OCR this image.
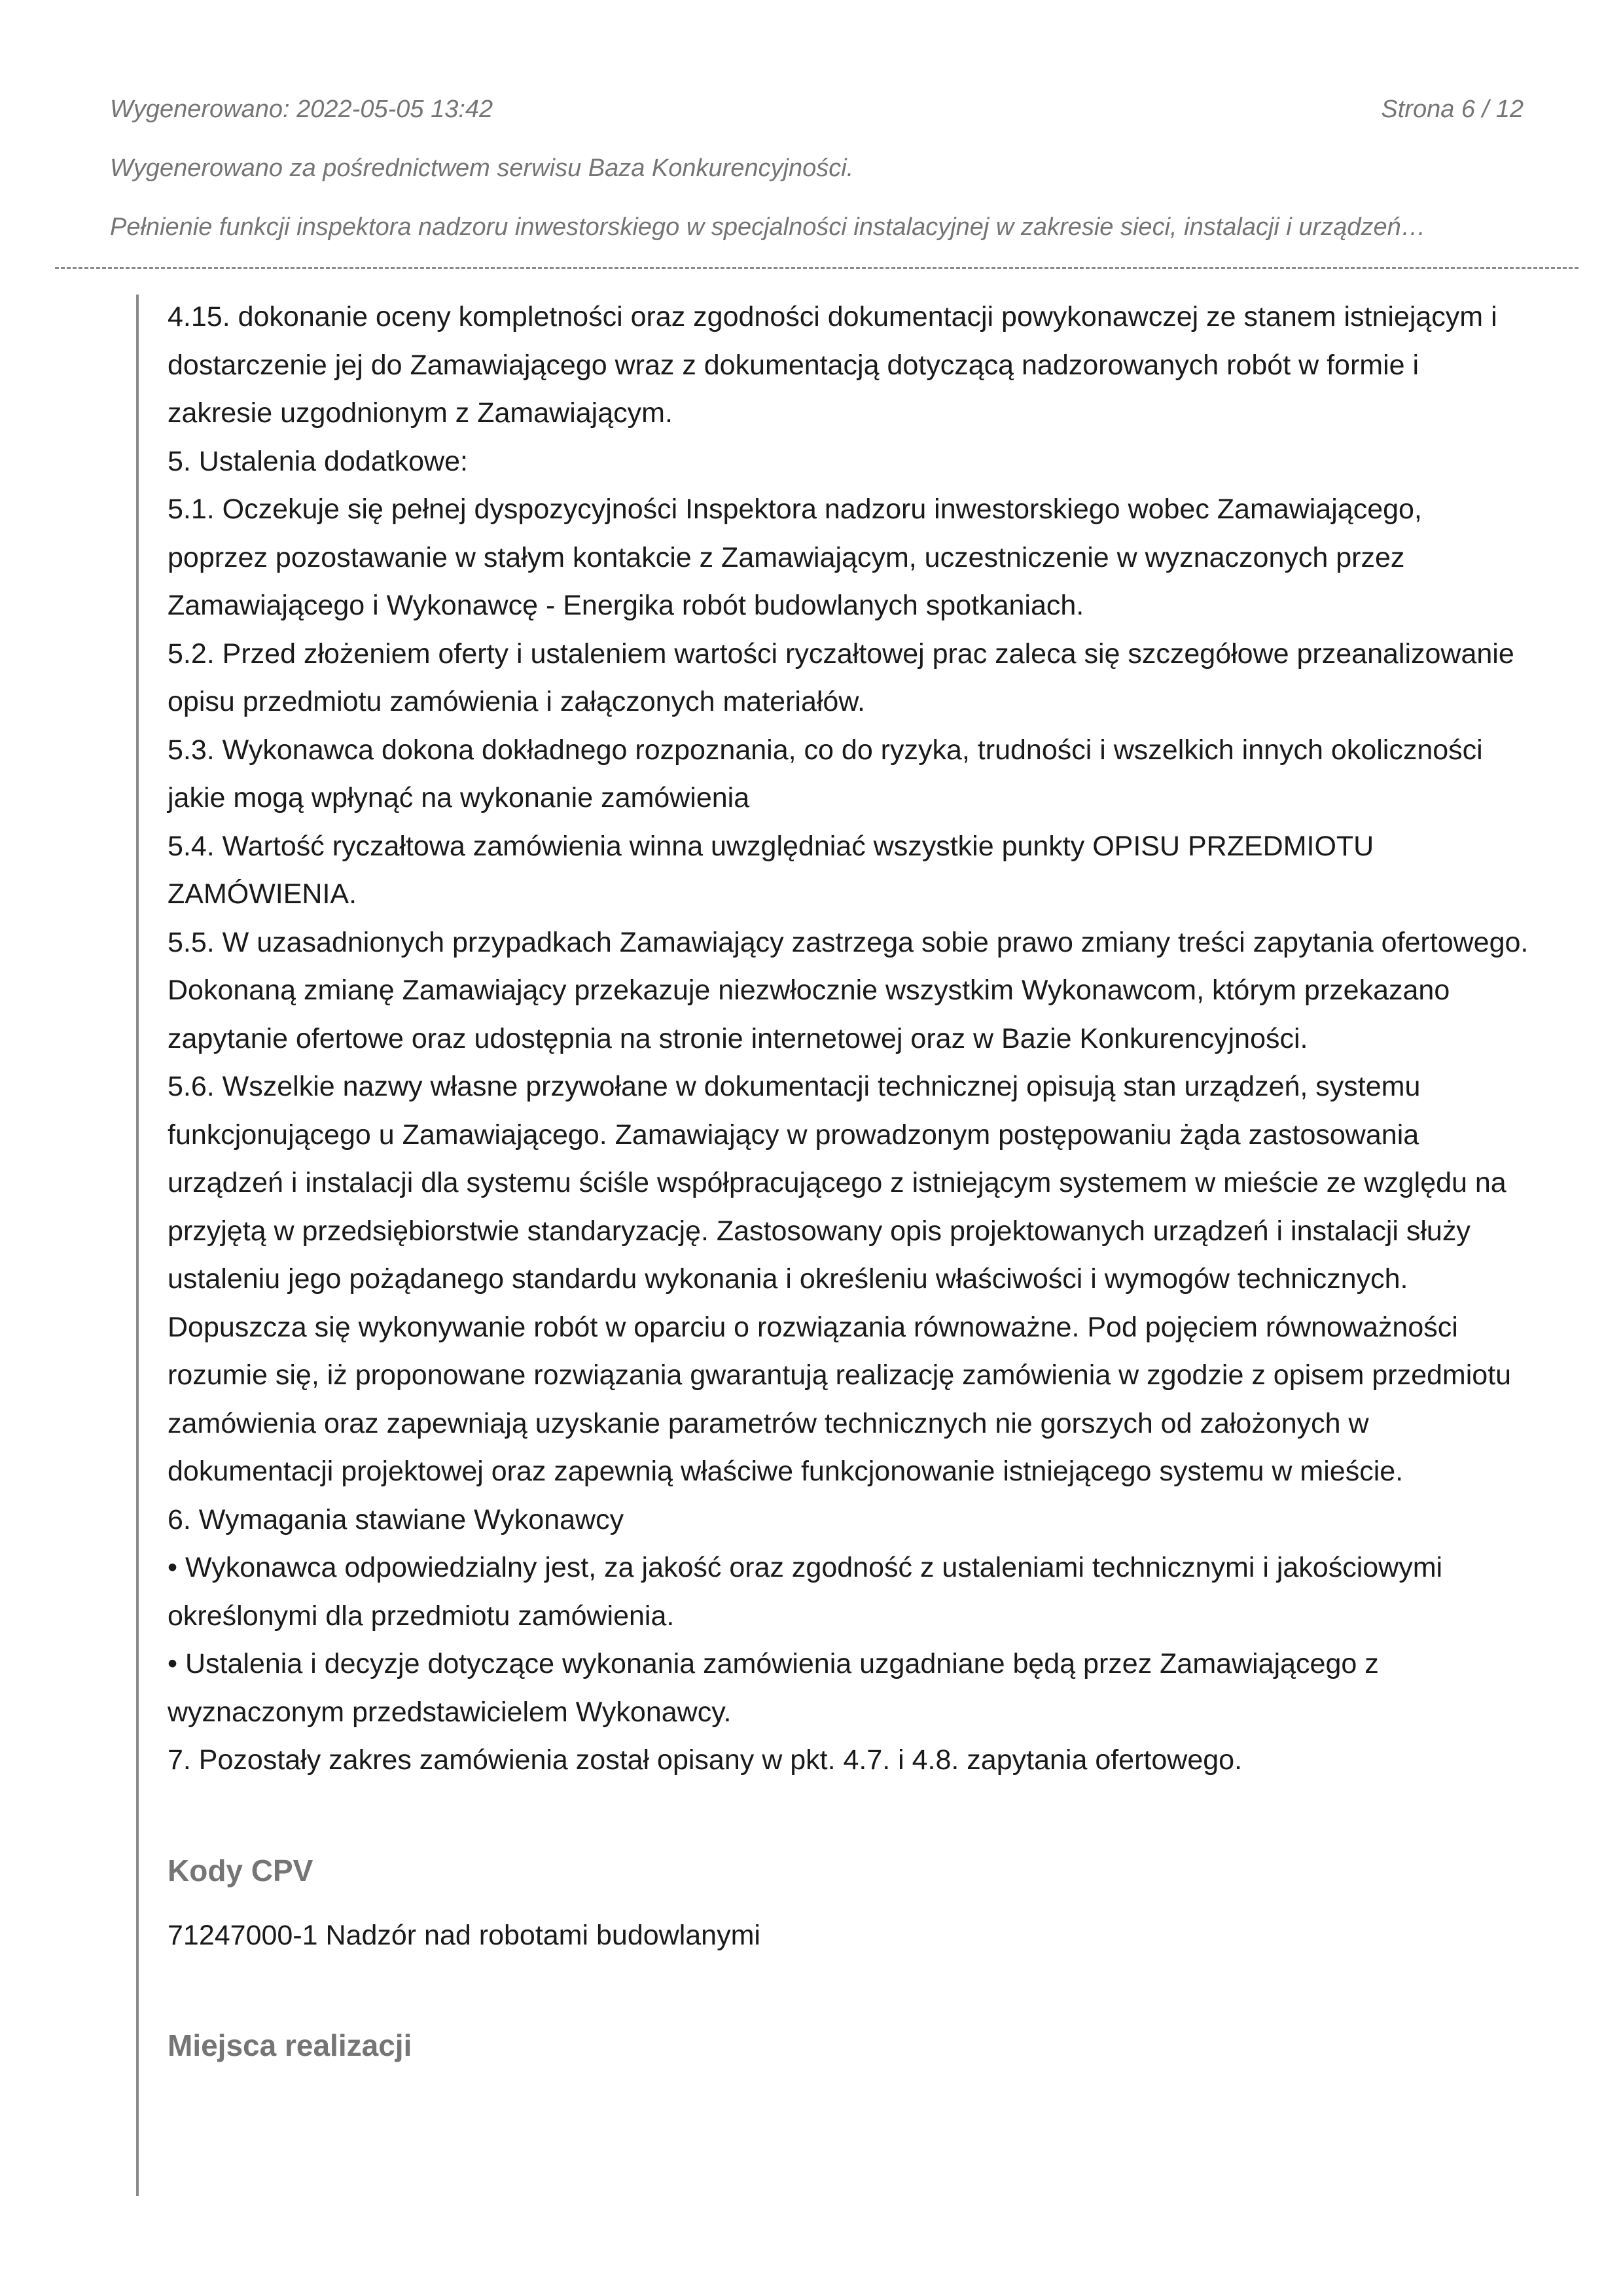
Wygenerowano: 2022-05-05 13:42	Strona 6 / 12
Wygenerowano za pośrednictwem serwisu Baza Konkurencyjności.
Pełnienie funkcji inspektora nadzoru inwestorskiego w specjalności instalacyjnej w zakresie sieci, instalacji i urządzeń…

4.15. dokonanie oceny kompletności oraz zgodności dokumentacji powykonawczej ze stanem istniejącym i dostarczenie jej do Zamawiającego wraz z dokumentacją dotyczącą nadzorowanych robót w formie i zakresie uzgodnionym z Zamawiającym.

5. Ustalenia dodatkowe:

5.1. Oczekuje się pełnej dyspozycyjności Inspektora nadzoru inwestorskiego wobec Zamawiającego, poprzez pozostawanie w stałym kontakcie z Zamawiającym, uczestniczenie w wyznaczonych przez Zamawiającego i Wykonawcę - Energika robót budowlanych spotkaniach.

5.2. Przed złożeniem oferty i ustaleniem wartości ryczałtowej prac zaleca się szczegółowe przeanalizowanie opisu przedmiotu zamówienia i załączonych materiałów.

5.3. Wykonawca dokona dokładnego rozpoznania, co do ryzyka, trudności i wszelkich innych okoliczności jakie mogą wpłynąć na wykonanie zamówienia

5.4. Wartość ryczałtowa zamówienia winna uwzględniać wszystkie punkty OPISU PRZEDMIOTU ZAMÓWIENIA.

5.5. W uzasadnionych przypadkach Zamawiający zastrzega sobie prawo zmiany treści zapytania ofertowego. Dokonaną zmianę Zamawiający przekazuje niezwłocznie wszystkim Wykonawcom, którym przekazano zapytanie ofertowe oraz udostępnia na stronie internetowej oraz w Bazie Konkurencyjności.

5.6. Wszelkie nazwy własne przywołane w dokumentacji technicznej opisują stan urządzeń, systemu funkcjonującego u Zamawiającego. Zamawiający w prowadzonym postępowaniu żąda zastosowania urządzeń i instalacji dla systemu ściśle współpracującego z istniejącym systemem w mieście ze względu na przyjętą w przedsiębiorstwie standaryzację. Zastosowany opis projektowanych urządzeń i instalacji służy ustaleniu jego pożądanego standardu wykonania i określeniu właściwości i wymogów technicznych. Dopuszcza się wykonywanie robót w oparciu o rozwiązania równoważne. Pod pojęciem równoważności rozumie się, iż proponowane rozwiązania gwarantują realizację zamówienia w zgodzie z opisem przedmiotu zamówienia oraz zapewniają uzyskanie parametrów technicznych nie gorszych od założonych w dokumentacji projektowej oraz zapewnią właściwe funkcjonowanie istniejącego systemu w mieście.

6. Wymagania stawiane Wykonawcy

• Wykonawca odpowiedzialny jest, za jakość oraz zgodność z ustaleniami technicznymi i jakościowymi określonymi dla przedmiotu zamówienia.

• Ustalenia i decyzje dotyczące wykonania zamówienia uzgadniane będą przez Zamawiającego z wyznaczonym przedstawicielem Wykonawcy.

7. Pozostały zakres zamówienia został opisany w pkt. 4.7. i 4.8. zapytania ofertowego.

Kody CPV

71247000-1 Nadzór nad robotami budowlanymi

Miejsca realizacji
